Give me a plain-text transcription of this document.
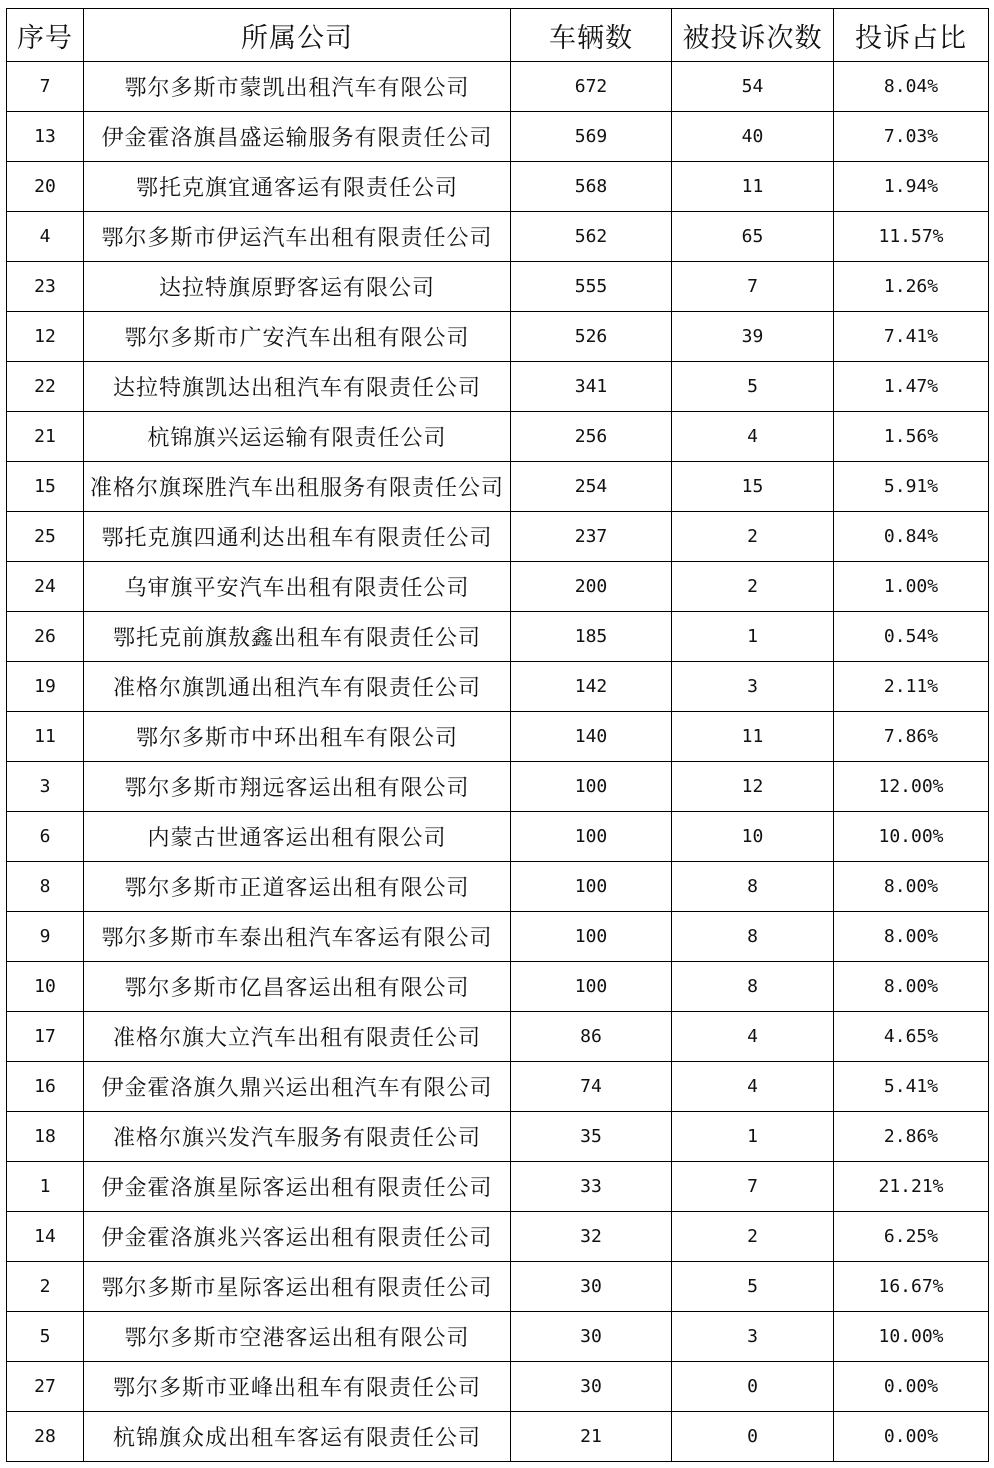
序号	所属公司	车辆数	被投诉次数	投诉占比
7	鄂尔多斯市蒙凯出租汽车有限公司	672	54	8.04%
13	伊金霍洛旗昌盛运输服务有限责任公司	569	40	7.03%
20	鄂托克旗宜通客运有限责任公司	568	11	1.94%
4	鄂尔多斯市伊运汽车出租有限责任公司	562	65	11.57%
23	达拉特旗原野客运有限公司	555	7	1.26%
12	鄂尔多斯市广安汽车出租有限公司	526	39	7.41%
22	达拉特旗凯达出租汽车有限责任公司	341	5	1.47%
21	杭锦旗兴运运输有限责任公司	256	4	1.56%
15	准格尔旗琛胜汽车出租服务有限责任公司	254	15	5.91%
25	鄂托克旗四通利达出租车有限责任公司	237	2	0.84%
24	乌审旗平安汽车出租有限责任公司	200	2	1.00%
26	鄂托克前旗敖鑫出租车有限责任公司	185	1	0.54%
19	准格尔旗凯通出租汽车有限责任公司	142	3	2.11%
11	鄂尔多斯市中环出租车有限公司	140	11	7.86%
3	鄂尔多斯市翔远客运出租有限公司	100	12	12.00%
6	内蒙古世通客运出租有限公司	100	10	10.00%
8	鄂尔多斯市正道客运出租有限公司	100	8	8.00%
9	鄂尔多斯市车泰出租汽车客运有限公司	100	8	8.00%
10	鄂尔多斯市亿昌客运出租有限公司	100	8	8.00%
17	准格尔旗大立汽车出租有限责任公司	86	4	4.65%
16	伊金霍洛旗久鼎兴运出租汽车有限公司	74	4	5.41%
18	准格尔旗兴发汽车服务有限责任公司	35	1	2.86%
1	伊金霍洛旗星际客运出租有限责任公司	33	7	21.21%
14	伊金霍洛旗兆兴客运出租有限责任公司	32	2	6.25%
2	鄂尔多斯市星际客运出租有限责任公司	30	5	16.67%
5	鄂尔多斯市空港客运出租有限公司	30	3	10.00%
27	鄂尔多斯市亚峰出租车有限责任公司	30	0	0.00%
28	杭锦旗众成出租车客运有限责任公司	21	0	0.00%
